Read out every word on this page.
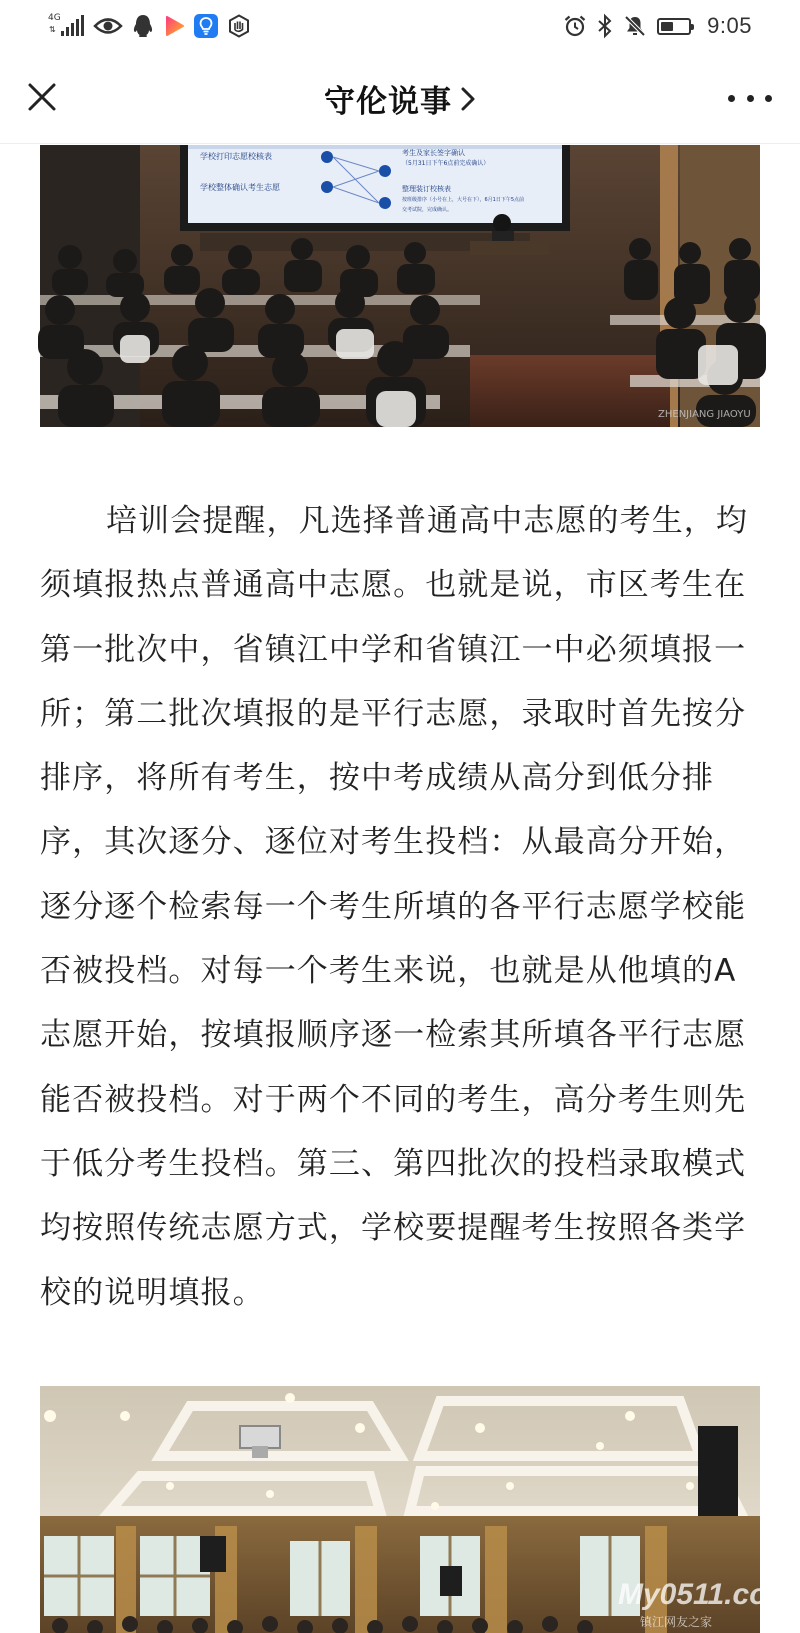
4G
⇅	9:05
守伦说事
学校打印志愿校核表
学校整体确认考生志愿
考生及家长签字确认
（5月31日下午6点前完成确认）
整理装订校核表
按班级排序（小号在上，大号在下），6月1日下午5点前
交考试院，完成确认。
ZHENJIANG JIAOYU

培训会提醒，凡选择普通高中志愿的考生，均须填报热点普通高中志愿。也就是说，市区考生在第一批次中，省镇江中学和省镇江一中必须填报一所；第二批次填报的是平行志愿，录取时首先按分排序，将所有考生，按中考成绩从高分到低分排序，其次逐分、逐位对考生投档：从最高分开始，逐分逐个检索每一个考生所填的各平行志愿学校能否被投档。对每一个考生来说，也就是从他填的A志愿开始，按填报顺序逐一检索其所填各平行志愿能否被投档。对于两个不同的考生，高分考生则先于低分考生投档。第三、第四批次的投档录取模式均按照传统志愿方式，学校要提醒考生按照各类学校的说明填报。

My0511.com
镇江网友之家
